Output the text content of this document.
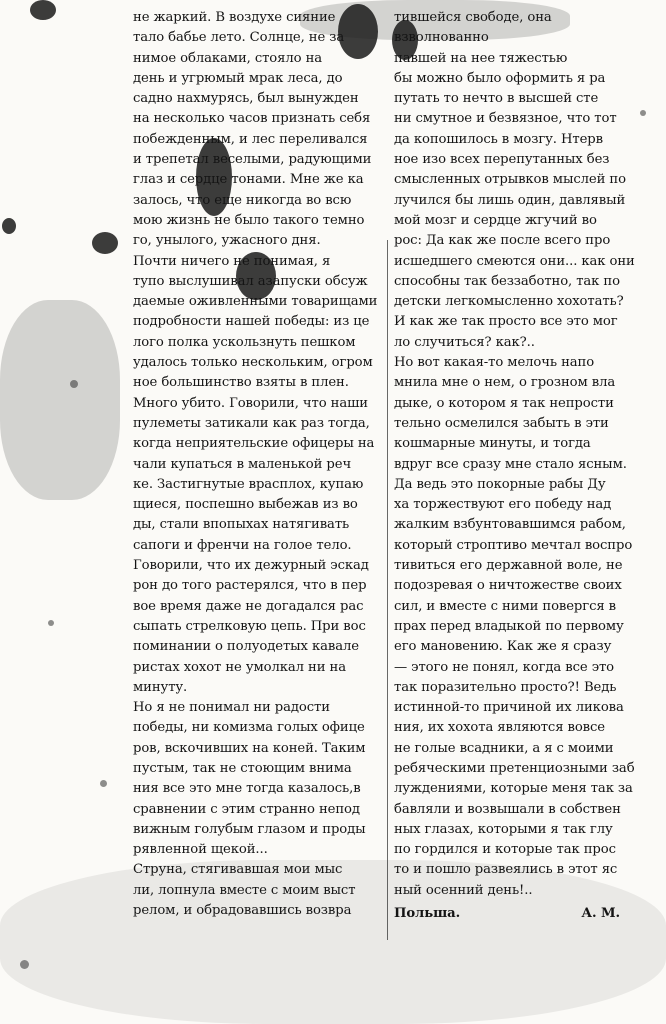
не жаркий. В воздухе сияние
тало бабье лето. Солнце, не за
нимое облаками, стояло на
день и угрюмый мрак леса, до
садно нахмурясь, был вынужден
на несколько часов признать себя
побежденным, и лес переливался
и трепетал веселыми, радующими
глаз и сердце тонами. Мне же ка
залось, что еще никогда во всю
мою жизнь не было такого темно
го, унылого, ужасного дня.
Почти ничего не понимая, я
тупо выслушивал азапуски обсуж
даемые оживленными товарищами
подробности нашей победы: из це
лого полка ускользнуть пешком
удалось только нескольким, огром
ное большинство взяты в плен.
Много убито. Говорили, что наши
пулеметы затикали как раз тогда,
когда неприятельские офицеры на
чали купаться в маленькой реч
ке. Застигнутые врасплох, купаю
щиеся, поспешно выбежав из во
ды, стали впопыхах натягивать
сапоги и френчи на голое тело.
Говорили, что их дежурный эскад
рон до того растерялся, что в пер
вое время даже не догадался рас
сыпать стрелковую цепь. При вос
поминании о полуодетых кавале
ристах хохот не умолкал ни на
минуту.
Но я не понимал ни радости
победы, ни комизма голых офице
ров, вскочивших на коней. Таким
пустым, так не стоющим внима
ния все это мне тогда казалось,в
сравнении с этим странно непод
вижным голубым глазом и проды
рявленной щекой...
Струна, стягивавшая мои мыс
ли, лопнула вместе с моим выст
релом, и обрадовавшись возвра
тившейся свободе, она
взволнованно
павшей на нее тяжестью
бы можно было оформить я ра
путать то нечто в высшей сте
ни смутное и безвязное, что тот
да копошилось в мозгу. Нтерв
ное изо всех перепутанных без
смысленных отрывков мыслей по
лучился бы лишь один, давлявый
мой мозг и сердце жгучий во
рос: Да как же после всего про
исшедшего смеются они... как они
способны так беззаботно, так по
детски легкомысленно хохотать?
И как же так просто все это мог
ло случиться? как?..
Но вот какая-то мелочь напо
мнила мне о нем, о грозном вла
дыке, о котором я так непрости
тельно осмелился забыть в эти
кошмарные минуты, и тогда
вдруг все сразу мне стало ясным.
Да ведь это покорные рабы Ду
ха торжествуют его победу над
жалким взбунтовавшимся рабом,
который строптиво мечтал воспро
тивиться его державной воле, не
подозревая о ничтожестве своих
сил, и вместе с ними повергся в
прах перед владыкой по первому
его мановению. Как же я сразу
— этого не понял, когда все это
так поразительно просто?! Ведь
истинной-то причиной их ликова
ния, их хохота являются вовсе
не голые всадники, а я с моими
ребяческими претенциозными заб
луждениями, которые меня так за
бавляли и возвышали в собствен
ных глазах, которыми я так глу
по гордился и которые так прос
то и пошло развеялись в этот яс
ный осенний день!..
Польша.	А. М.
